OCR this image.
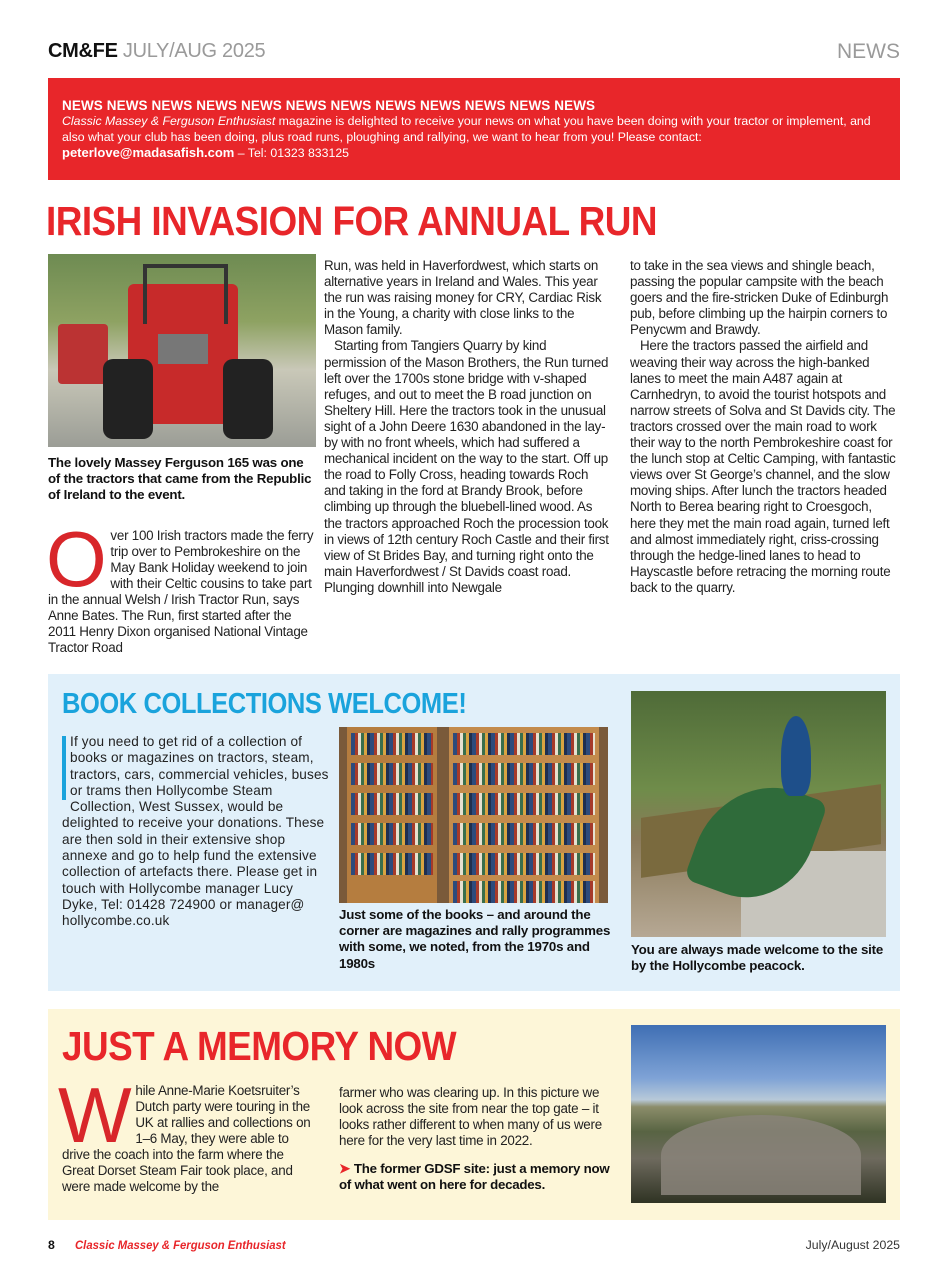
CM&FE JULY/AUG 2025	NEWS
NEWS NEWS NEWS NEWS NEWS NEWS NEWS NEWS NEWS NEWS NEWS NEWS
Classic Massey & Ferguson Enthusiast magazine is delighted to receive your news on what you have been doing with your tractor or implement, and also what your club has been doing, plus road runs, ploughing and rallying, we want to hear from you! Please contact:
peterlove@madasafish.com – Tel: 01323 833125
IRISH INVASION FOR ANNUAL RUN

The lovely Massey Ferguson 165 was one of the tractors that came from the Republic of Ireland to the event.

Over 100 Irish tractors made the ferry trip over to Pembrokeshire on the May Bank Holiday weekend to join with their Celtic cousins to take part in the annual Welsh / Irish Tractor Run, says Anne Bates. The Run, first started after the 2011 Henry Dixon organised National Vintage Tractor Road

Run, was held in Haverfordwest, which starts on alternative years in Ireland and Wales. This year the run was raising money for CRY, Cardiac Risk in the Young, a charity with close links to the Mason family.

Starting from Tangiers Quarry by kind permission of the Mason Brothers, the Run turned left over the 1700s stone bridge with v-shaped refuges, and out to meet the B road junction on Sheltery Hill. Here the tractors took in the unusual sight of a John Deere 1630 abandoned in the lay-by with no front wheels, which had suffered a mechanical incident on the way to the start. Off up the road to Folly Cross, heading towards Roch and taking in the ford at Brandy Brook, before climbing up through the bluebell-lined wood. As the tractors approached Roch the procession took in views of 12th century Roch Castle and their first view of St Brides Bay, and turning right onto the main Haverfordwest / St Davids coast road. Plunging downhill into Newgale

to take in the sea views and shingle beach, passing the popular campsite with the beach goers and the fire-stricken Duke of Edinburgh pub, before climbing up the hairpin corners to Penycwm and Brawdy.

Here the tractors passed the airfield and weaving their way across the high-banked lanes to meet the main A487 again at Carnhedryn, to avoid the tourist hotspots and narrow streets of Solva and St Davids city. The tractors crossed over the main road to work their way to the north Pembrokeshire coast for the lunch stop at Celtic Camping, with fantastic views over St George’s channel, and the slow moving ships. After lunch the tractors headed North to Berea bearing right to Croesgoch, here they met the main road again, turned left and almost immediately right, criss-crossing through the hedge-lined lanes to head to Hayscastle before retracing the morning route back to the quarry.

BOOK COLLECTIONS WELCOME!
If you need to get rid of a collection of books or magazines on tractors, steam, tractors, cars, commercial vehicles, buses or trams then Hollycombe Steam Collection, West Sussex, would be delighted to receive your donations. These are then sold in their extensive shop annexe and go to help fund the extensive collection of artefacts there. Please get in touch with Hollycombe manager Lucy Dyke, Tel: 01428 724900 or manager@ hollycombe.co.uk	Just some of the books – and around the corner are magazines and rally programmes with some, we noted, from the 1970s and 1980s

You are always made welcome to the site by the Hollycombe peacock.

JUST A MEMORY NOW
While Anne-Marie Koetsruiter’s Dutch party were touring in the UK at rallies and collections on 1–6 May, they were able to drive the coach into the farm where the Great Dorset Steam Fair took place, and were made welcome by the

farmer who was clearing up. In this picture we look across the site from near the top gate – it looks rather different to when many of us were here for the very last time in 2022.

➤ The former GDSF site: just a memory now of what went on here for decades.

8 Classic Massey & Ferguson Enthusiast	July/August 2025
